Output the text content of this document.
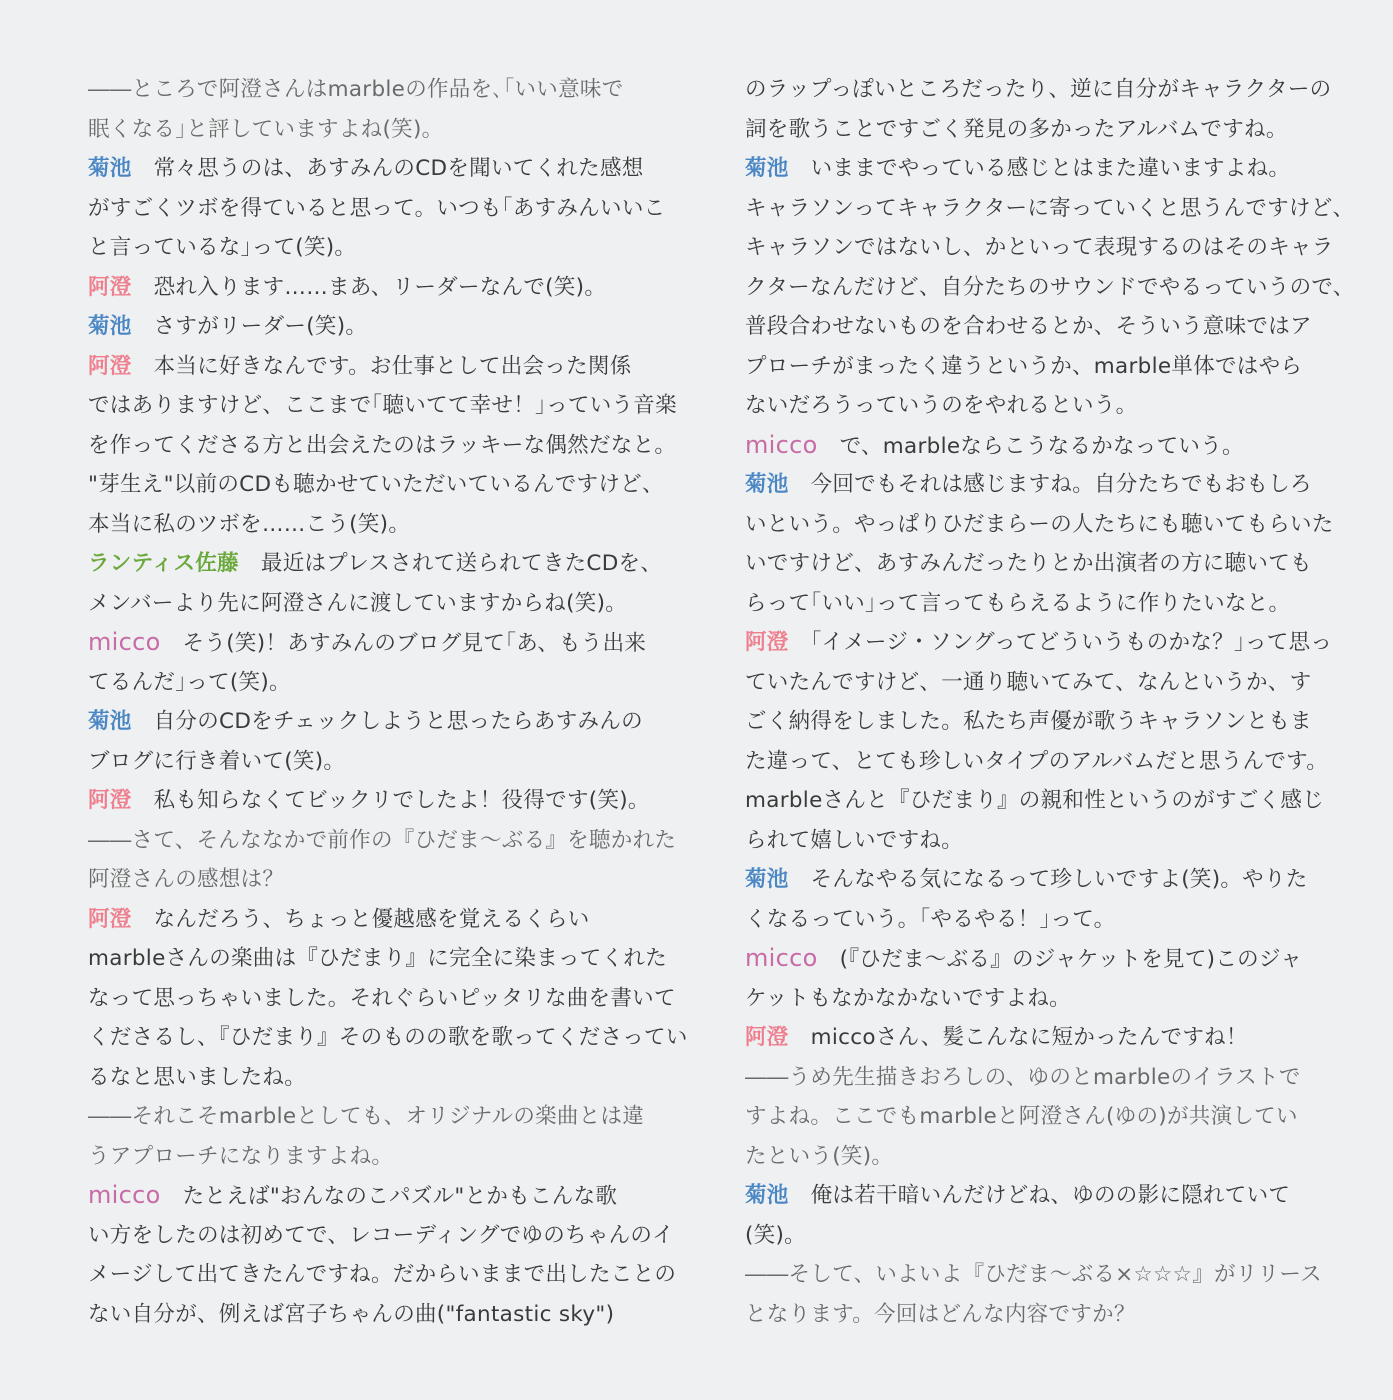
――ところで阿澄さんはmarbleの作品を､｢いい意味で
眠くなる｣と評していますよね(笑)。
菊池 常々思うのは、あすみんのCDを聞いてくれた感想
がすごくツボを得ていると思って。いつも｢あすみんいいこ
と言っているな｣って(笑)。
阿澄 恐れ入ります……まあ、リーダーなんで(笑)。
菊池 さすがリーダー(笑)。
阿澄 本当に好きなんです。お仕事として出会った関係
ではありますけど、ここまで｢聴いてて幸せ！｣っていう音楽
を作ってくださる方と出会えたのはラッキーな偶然だなと。
"芽生え"以前のCDも聴かせていただいているんですけど、
本当に私のツボを……こう(笑)。
ランティス佐藤 最近はプレスされて送られてきたCDを、
メンバーより先に阿澄さんに渡していますからね(笑)。
micco そう(笑)！あすみんのブログ見て｢あ、もう出来
てるんだ｣って(笑)。
菊池 自分のCDをチェックしようと思ったらあすみんの
ブログに行き着いて(笑)。
阿澄 私も知らなくてビックリでしたよ！役得です(笑)。
――さて、そんななかで前作の『ひだま～ぶる』を聴かれた
阿澄さんの感想は？
阿澄 なんだろう、ちょっと優越感を覚えるくらい
marbleさんの楽曲は『ひだまり』に完全に染まってくれた
なって思っちゃいました。それぐらいピッタリな曲を書いて
くださるし、『ひだまり』そのものの歌を歌ってくださってい
るなと思いましたね。
――それこそmarbleとしても、オリジナルの楽曲とは違
うアプローチになりますよね。
micco たとえば"おんなのこパズル"とかもこんな歌
い方をしたのは初めてで、レコーディングでゆのちゃんのイ
メージして出てきたんですね。だからいままで出したことの
ない自分が、例えば宮子ちゃんの曲("fantastic sky")
のラップっぽいところだったり、逆に自分がキャラクターの
詞を歌うことですごく発見の多かったアルバムですね。
菊池 いままでやっている感じとはまた違いますよね。
キャラソンってキャラクターに寄っていくと思うんですけど、
キャラソンではないし、かといって表現するのはそのキャラ
クターなんだけど、自分たちのサウンドでやるっていうので、
普段合わせないものを合わせるとか、そういう意味ではア
プローチがまったく違うというか、marble単体ではやら
ないだろうっていうのをやれるという。
micco で、marbleならこうなるかなっていう。
菊池 今回でもそれは感じますね。自分たちでもおもしろ
いという。やっぱりひだまらーの人たちにも聴いてもらいた
いですけど、あすみんだったりとか出演者の方に聴いても
らって｢いい｣って言ってもらえるように作りたいなと。
阿澄 ｢イメージ・ソングってどういうものかな？｣って思っ
ていたんですけど、一通り聴いてみて、なんというか、す
ごく納得をしました。私たち声優が歌うキャラソンともま
た違って、とても珍しいタイプのアルバムだと思うんです。
marbleさんと『ひだまり』の親和性というのがすごく感じ
られて嬉しいですね。
菊池 そんなやる気になるって珍しいですよ(笑)。やりた
くなるっていう。｢やるやる！｣って。
micco (『ひだま～ぶる』のジャケットを見て)このジャ
ケットもなかなかないですよね。
阿澄 miccoさん、髪こんなに短かったんですね！
――うめ先生描きおろしの、ゆのとmarbleのイラストで
すよね。ここでもmarbleと阿澄さん(ゆの)が共演してい
たという(笑)。
菊池 俺は若干暗いんだけどね、ゆのの影に隠れていて
(笑)。
――そして、いよいよ『ひだま～ぶる×☆☆☆』がリリース
となります。今回はどんな内容ですか？
